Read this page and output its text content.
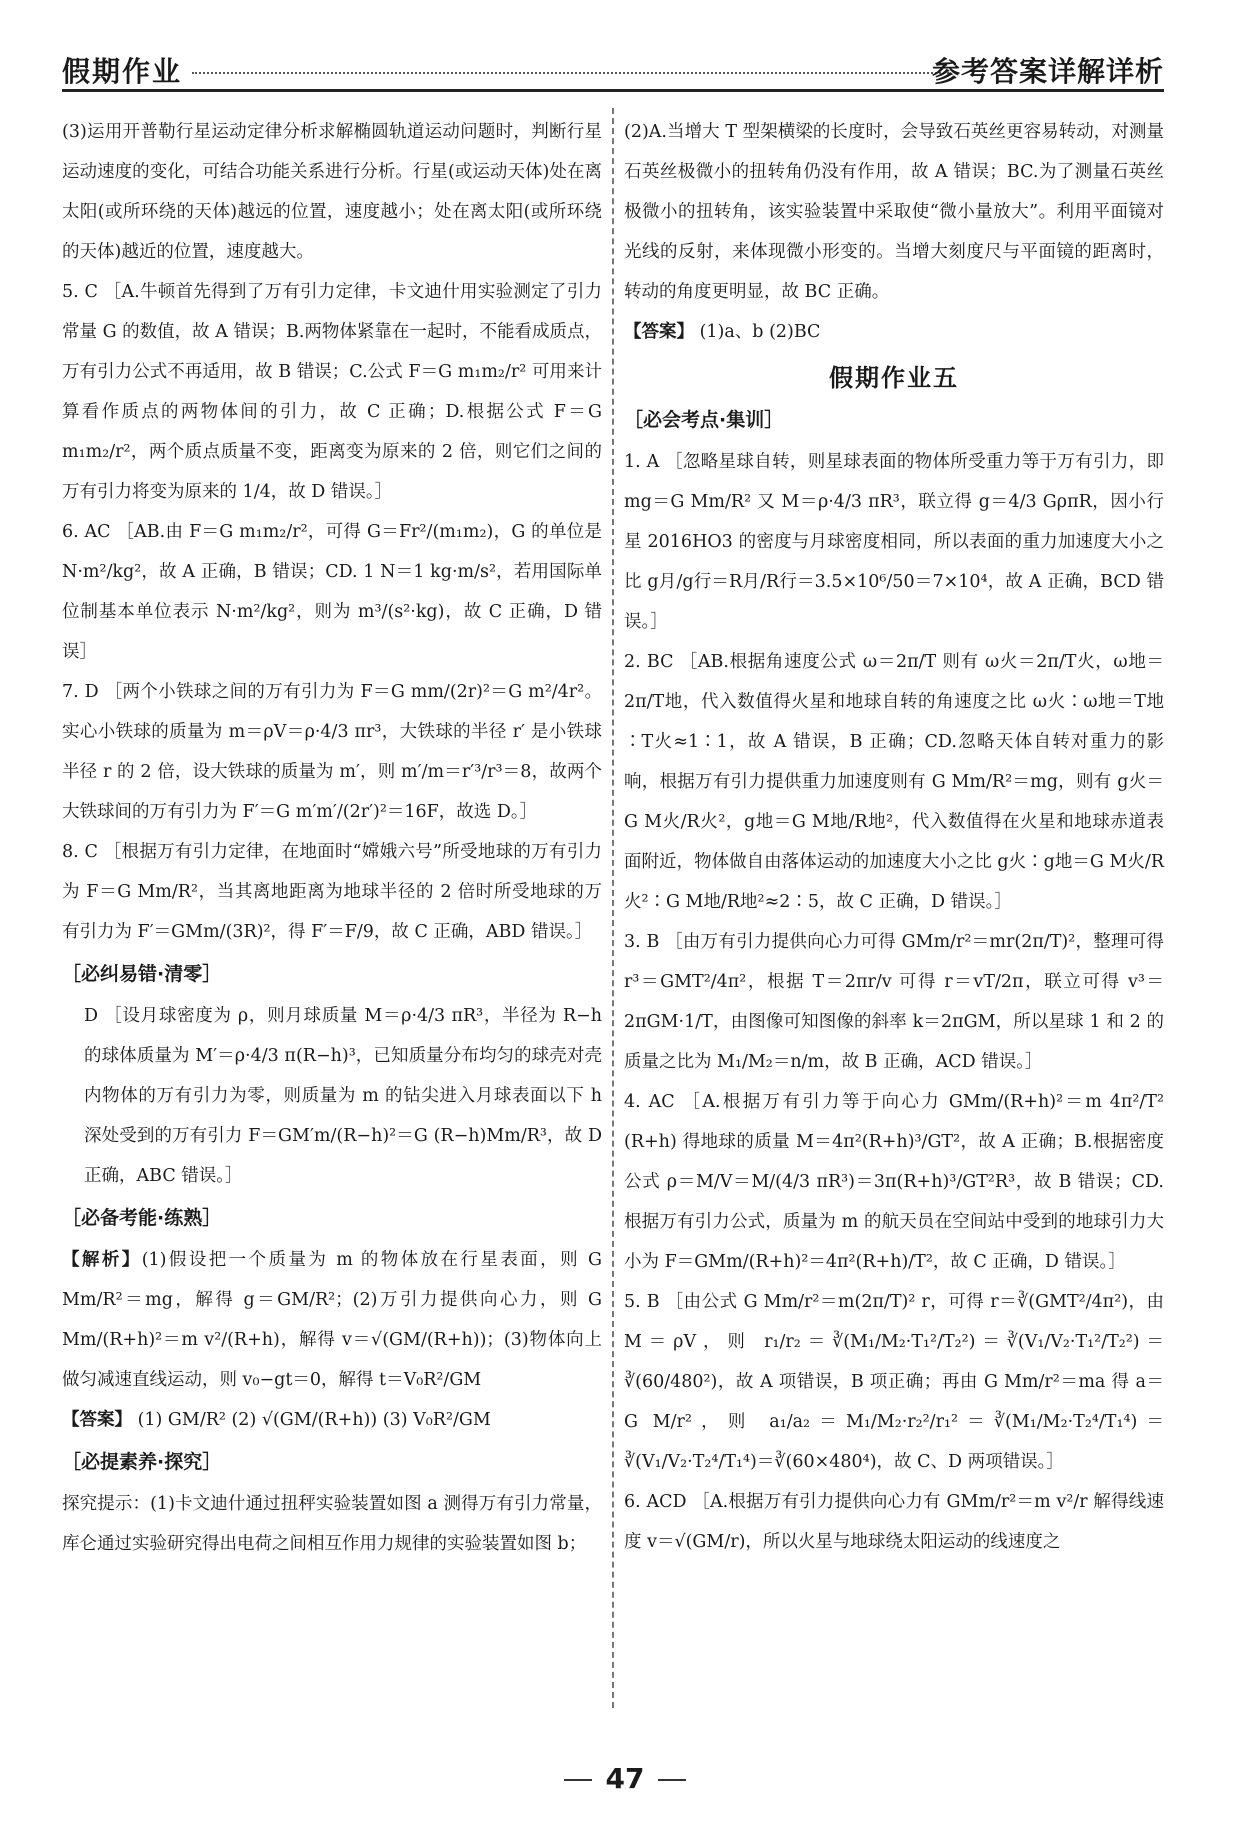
假期作业	参考答案详解详析

(3)运用开普勒行星运动定律分析求解椭圆轨道运动问题时，判断行星运动速度的变化，可结合功能关系进行分析。行星(或运动天体)处在离太阳(或所环绕的天体)越远的位置，速度越小；处在离太阳(或所环绕的天体)越近的位置，速度越大。

5. C ［A.牛顿首先得到了万有引力定律，卡文迪什用实验测定了引力常量 G 的数值，故 A 错误；B.两物体紧靠在一起时，不能看成质点，万有引力公式不再适用，故 B 错误；C.公式 F＝G m₁m₂/r² 可用来计算看作质点的两物体间的引力，故 C 正确；D.根据公式 F＝G m₁m₂/r²，两个质点质量不变，距离变为原来的 2 倍，则它们之间的万有引力将变为原来的 1/4，故 D 错误。］

6. AC ［AB.由 F＝G m₁m₂/r²，可得 G＝Fr²/(m₁m₂)，G 的单位是 N·m²/kg²，故 A 正确，B 错误；CD. 1 N＝1 kg·m/s²，若用国际单位制基本单位表示 N·m²/kg²，则为 m³/(s²·kg)，故 C 正确，D 错误］

7. D ［两个小铁球之间的万有引力为 F＝G mm/(2r)²＝G m²/4r²。实心小铁球的质量为 m＝ρV＝ρ·4/3 πr³，大铁球的半径 r′ 是小铁球半径 r 的 2 倍，设大铁球的质量为 m′，则 m′/m＝r′³/r³＝8，故两个大铁球间的万有引力为 F′＝G m′m′/(2r′)²＝16F，故选 D。］

8. C ［根据万有引力定律，在地面时“嫦娥六号”所受地球的万有引力为 F＝G Mm/R²，当其离地距离为地球半径的 2 倍时所受地球的万有引力为 F′＝GMm/(3R)²，得 F′＝F/9，故 C 正确，ABD 错误。］

［必纠易错·清零］

D ［设月球密度为 ρ，则月球质量 M＝ρ·4/3 πR³，半径为 R−h 的球体质量为 M′＝ρ·4/3 π(R−h)³，已知质量分布均匀的球壳对壳内物体的万有引力为零，则质量为 m 的钻尖进入月球表面以下 h 深处受到的万有引力 F＝GM′m/(R−h)²＝G (R−h)Mm/R³，故 D 正确，ABC 错误。］

［必备考能·练熟］

【解析】(1)假设把一个质量为 m 的物体放在行星表面，则 G Mm/R²＝mg，解得 g＝GM/R²；(2)万引力提供向心力，则 G Mm/(R+h)²＝m v²/(R+h)，解得 v＝√(GM/(R+h))；(3)物体向上做匀减速直线运动，则 v₀−gt＝0，解得 t＝V₀R²/GM

【答案】 (1) GM/R² (2) √(GM/(R+h)) (3) V₀R²/GM

［必提素养·探究］

探究提示：(1)卡文迪什通过扭秤实验装置如图 a 测得万有引力常量，库仑通过实验研究得出电荷之间相互作用力规律的实验装置如图 b；

(2)A.当增大 T 型架横梁的长度时，会导致石英丝更容易转动，对测量石英丝极微小的扭转角仍没有作用，故 A 错误；BC.为了测量石英丝极微小的扭转角，该实验装置中采取使“微小量放大”。利用平面镜对光线的反射，来体现微小形变的。当增大刻度尺与平面镜的距离时，转动的角度更明显，故 BC 正确。

【答案】 (1)a、b (2)BC

假期作业五
［必会考点·集训］

1. A ［忽略星球自转，则星球表面的物体所受重力等于万有引力，即 mg＝G Mm/R² 又 M＝ρ·4/3 πR³，联立得 g＝4/3 GρπR，因小行星 2016HO3 的密度与月球密度相同，所以表面的重力加速度大小之比 g月/g行＝R月/R行＝3.5×10⁶/50＝7×10⁴，故 A 正确，BCD 错误。］

2. BC ［AB.根据角速度公式 ω＝2π/T 则有 ω火＝2π/T火，ω地＝2π/T地，代入数值得火星和地球自转的角速度之比 ω火∶ω地＝T地∶T火≈1∶1，故 A 错误，B 正确；CD.忽略天体自转对重力的影响，根据万有引力提供重力加速度则有 G Mm/R²＝mg，则有 g火＝G M火/R火²，g地＝G M地/R地²，代入数值得在火星和地球赤道表面附近，物体做自由落体运动的加速度大小之比 g火∶g地＝G M火/R火²∶G M地/R地²≈2∶5，故 C 正确，D 错误。］

3. B ［由万有引力提供向心力可得 GMm/r²＝mr(2π/T)²，整理可得 r³＝GMT²/4π²，根据 T＝2πr/v 可得 r＝vT/2π，联立可得 v³＝2πGM·1/T，由图像可知图像的斜率 k＝2πGM，所以星球 1 和 2 的质量之比为 M₁/M₂＝n/m，故 B 正确，ACD 错误。］

4. AC ［A.根据万有引力等于向心力 GMm/(R+h)²＝m 4π²/T² (R+h) 得地球的质量 M＝4π²(R+h)³/GT²，故 A 正确；B.根据密度公式 ρ＝M/V＝M/(4/3 πR³)＝3π(R+h)³/GT²R³，故 B 错误；CD.根据万有引力公式，质量为 m 的航天员在空间站中受到的地球引力大小为 F＝GMm/(R+h)²＝4π²(R+h)/T²，故 C 正确，D 错误。］

5. B ［由公式 G Mm/r²＝m(2π/T)² r，可得 r＝∛(GMT²/4π²)，由 M＝ρV，则 r₁/r₂＝∛(M₁/M₂·T₁²/T₂²)＝∛(V₁/V₂·T₁²/T₂²)＝∛(60/480²)，故 A 项错误，B 项正确；再由 G Mm/r²＝ma 得 a＝G M/r²，则 a₁/a₂＝M₁/M₂·r₂²/r₁²＝∛(M₁/M₂·T₂⁴/T₁⁴)＝∛(V₁/V₂·T₂⁴/T₁⁴)＝∛(60×480⁴)，故 C、D 两项错误。］

6. ACD ［A.根据万有引力提供向心力有 GMm/r²＝m v²/r 解得线速度 v＝√(GM/r)，所以火星与地球绕太阳运动的线速度之

47
